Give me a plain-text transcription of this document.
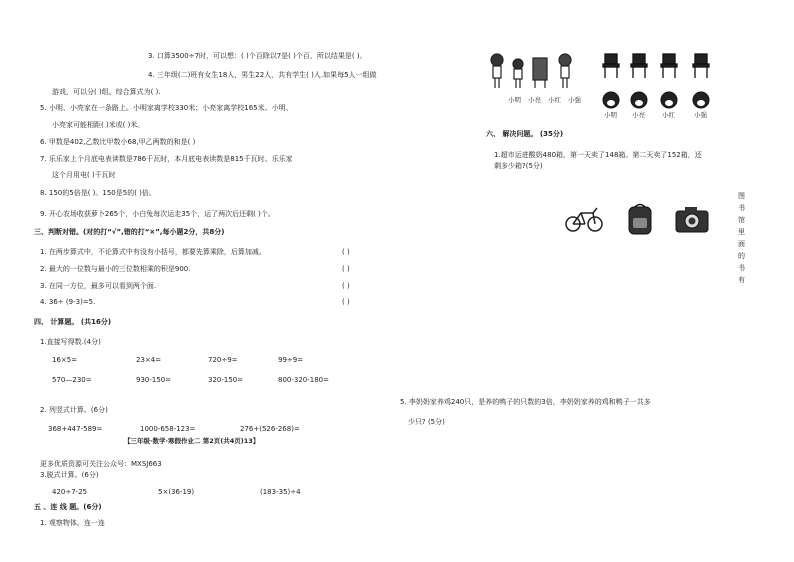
3. 口算3500÷7时，可以想：( )个百除以7是( )个百，所以结果是( )。
4. 三年级(二)班有女生18人，男生22人，共有学生( )人.如果每5人一组做
游戏，可以分( )组。综合算式为( ).
5. 小明、小亮家在一条路上。小明家离学校330米；小亮家离学校165米。小明、
小亮家可能相距( )米或( )米。
6. 甲数是402,乙数比甲数小68,甲乙两数的和是( )
7. 乐乐家上个月底电表读数是786千瓦时，本月底电表读数是815千瓦时。乐乐家
这个月用电( )千瓦时
8. 150的5倍是( )。150是5的( )倍。
9. 开心农场收获萝卜265个，小白兔每次运走35个，运了两次后还剩( )个。
三、判断对错。(对的打“√”,错的打“×”,每小题2分，共8分)
1. 在两步算式中，不论算式中有没有小括号，都要先算乘除，后算加减。	( )
2. 最大的一位数与最小的三位数相乘的积是900.	( )
3. 在同一方位，最多可以看到两个面.	( )
4. 36÷ (9-3)=5.	( )
四、 计算题。 (共16分)
1.直接写得数.(4分)
16×5=	23×4=	720÷9=	99÷9=
570—230=	930-150=	320-150=	800-320-180=
2. 列竖式计算。(6分)
368+447-589=	1000-658-123=	276+(526-268)=
【三年级·数学·寒假作业二 第2页(共4页)13】
更多优质资源可关注公众号：MXSJ663
3.脱式计算。(6分)
420÷7-25	5×(36-19)	(183-35)÷4
五 、连 线 题。(6分)
1. 观察物体。连一连
小明 小亮 小红 小强
小明 小亮	小红	小强
六、 解决问题。 (35分)
1.超市运进酸奶480箱，第一天卖了148箱。第二天卖了152箱，还
剩多少箱?(5分)
图书馆里面的书有
5. 李奶奶家养鸡240只，是养的鸭子的只数的3倍，李奶奶家养的鸡和鸭子一共多
少只? (5分)
